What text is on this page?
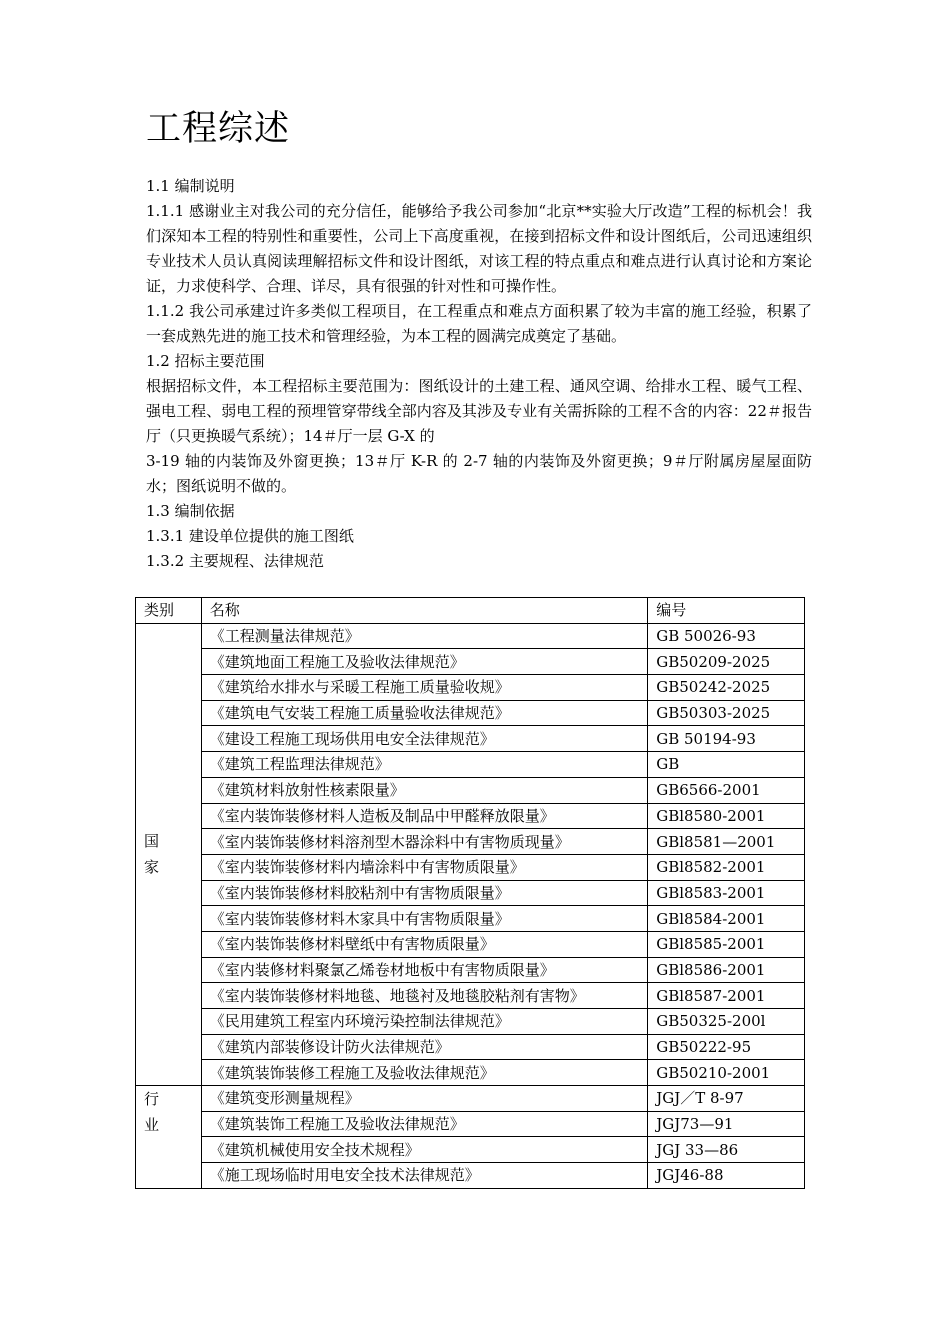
工程综述

1.1 编制说明

1.1.1 感谢业主对我公司的充分信任，能够给予我公司参加“北京**实验大厅改造”工程的标机会！我们深知本工程的特别性和重要性，公司上下高度重视，在接到招标文件和设计图纸后，公司迅速组织专业技术人员认真阅读理解招标文件和设计图纸，对该工程的特点重点和难点进行认真讨论和方案论证，力求使科学、合理、详尽，具有很强的针对性和可操作性。

1.1.2 我公司承建过许多类似工程项目，在工程重点和难点方面积累了较为丰富的施工经验，积累了一套成熟先进的施工技术和管理经验，为本工程的圆满完成奠定了基础。

1.2 招标主要范围

根据招标文件，本工程招标主要范围为：图纸设计的土建工程、通风空调、给排水工程、暖气工程、强电工程、弱电工程的预埋管穿带线全部内容及其涉及专业有关需拆除的工程不含的内容：22＃报告厅（只更换暖气系统）；14＃厅一层 G-X 的

3-19 轴的内装饰及外窗更换；13＃厅 K-R 的 2-7 轴的内装饰及外窗更换；9＃厅附属房屋屋面防水；图纸说明不做的。

1.3 编制依据

1.3.1 建设单位提供的施工图纸

1.3.2 主要规程、法律规范

类别	名称	编号

国
家	《工程测量法律规范》	GB 50026-93
	《建筑地面工程施工及验收法律规范》	GB50209-2025
	《建筑给水排水与采暖工程施工质量验收规》	GB50242-2025
	《建筑电气安装工程施工质量验收法律规范》	GB50303-2025
	《建设工程施工现场供用电安全法律规范》	GB 50194-93
	《建筑工程监理法律规范》	GB
	《建筑材料放射性核素限量》	GB6566-2001
	《室内装饰装修材料人造板及制品中甲醛释放限量》	GBl8580-2001
	《室内装饰装修材料溶剂型木器涂料中有害物质现量》	GBl8581—2001
	《室内装饰装修材料内墙涂料中有害物质限量》	GBl8582-2001
	《室内装饰装修材料胶粘剂中有害物质限量》	GBl8583-2001
	《室内装饰装修材料木家具中有害物质限量》	GBl8584-2001
	《室内装饰装修材料壁纸中有害物质限量》	GBl8585-2001
	《室内装修材料聚氯乙烯卷材地板中有害物质限量》	GBl8586-2001
	《室内装饰装修材料地毯、地毯衬及地毯胶粘剂有害物》	GBl8587-2001
	《民用建筑工程室内环境污染控制法律规范》	GB50325-200l
	《建筑内部装修设计防火法律规范》	GB50222-95
	《建筑装饰装修工程施工及验收法律规范》	GB50210-2001

行
业	《建筑变形测量规程》	JGJ／T 8-97
	《建筑装饰工程施工及验收法律规范》	JGJ73—91
	《建筑机械使用安全技术规程》	JGJ 33—86
	《施工现场临时用电安全技术法律规范》	JGJ46-88
